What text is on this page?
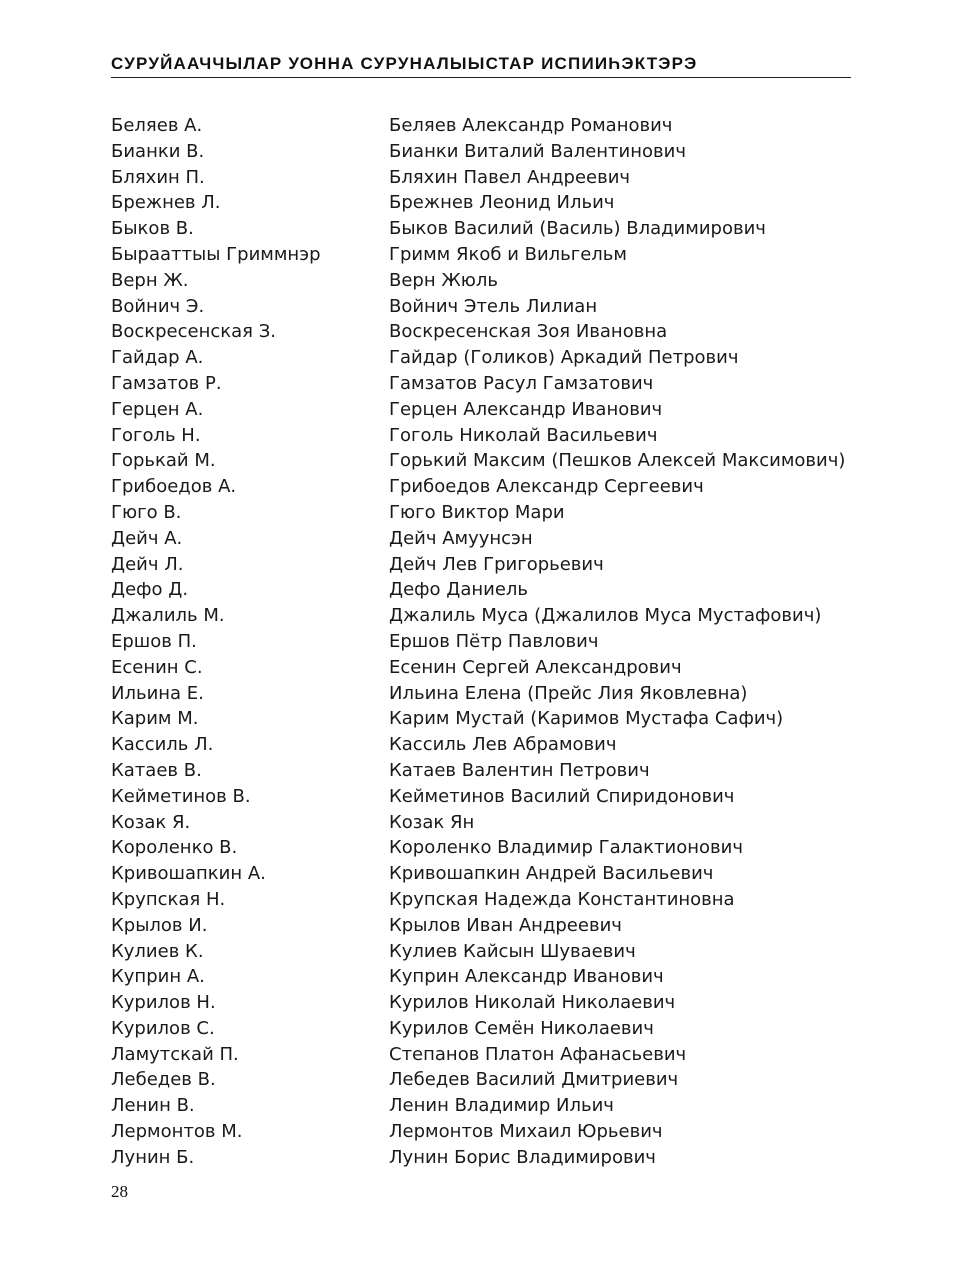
СУРУЙААЧЧЫЛАР УОННА СУРУНАЛЫЫСТАР ИСПИИҺЭКТЭРЭ
Беляев А.	Беляев Александр Романович
Бианки В.	Бианки Виталий Валентинович
Бляхин П.	Бляхин Павел Андреевич
Брежнев Л.	Брежнев Леонид Ильич
Быков В.	Быков Василий (Василь) Владимирович
Бырааттыы Гриммнэр	Гримм Якоб и Вильгельм
Верн Ж.	Верн Жюль
Войнич Э.	Войнич Этель Лилиан
Воскресенская З.	Воскресенская Зоя Ивановна
Гайдар А.	Гайдар (Голиков) Аркадий Петрович
Гамзатов Р.	Гамзатов Расул Гамзатович
Герцен А.	Герцен Александр Иванович
Гоголь Н.	Гоголь Николай Васильевич
Горькай М.	Горький Максим (Пешков Алексей Максимович)
Грибоедов А.	Грибоедов Александр Сергеевич
Гюго В.	Гюго Виктор Мари
Дейч А.	Дейч Амуунсэн
Дейч Л.	Дейч Лев Григорьевич
Дефо Д.	Дефо Даниель
Джалиль М.	Джалиль Муса (Джалилов Муса Мустафович)
Ершов П.	Ершов Пётр Павлович
Есенин С.	Есенин Сергей Александрович
Ильина Е.	Ильина Елена (Прейс Лия Яковлевна)
Карим М.	Карим Мустай (Каримов Мустафа Сафич)
Кассиль Л.	Кассиль Лев Абрамович
Катаев В.	Катаев Валентин Петрович
Кейметинов В.	Кейметинов Василий Спиридонович
Козак Я.	Козак Ян
Короленко В.	Короленко Владимир Галактионович
Кривошапкин А.	Кривошапкин Андрей Васильевич
Крупская Н.	Крупская Надежда Константиновна
Крылов И.	Крылов Иван Андреевич
Кулиев К.	Кулиев Кайсын Шуваевич
Куприн А.	Куприн Александр Иванович
Курилов Н.	Курилов Николай Николаевич
Курилов С.	Курилов Семён Николаевич
Ламутскай П.	Степанов Платон Афанасьевич
Лебедев В.	Лебедев Василий Дмитриевич
Ленин В.	Ленин Владимир Ильич
Лермонтов М.	Лермонтов Михаил Юрьевич
Лунин Б.	Лунин Борис Владимирович
28
